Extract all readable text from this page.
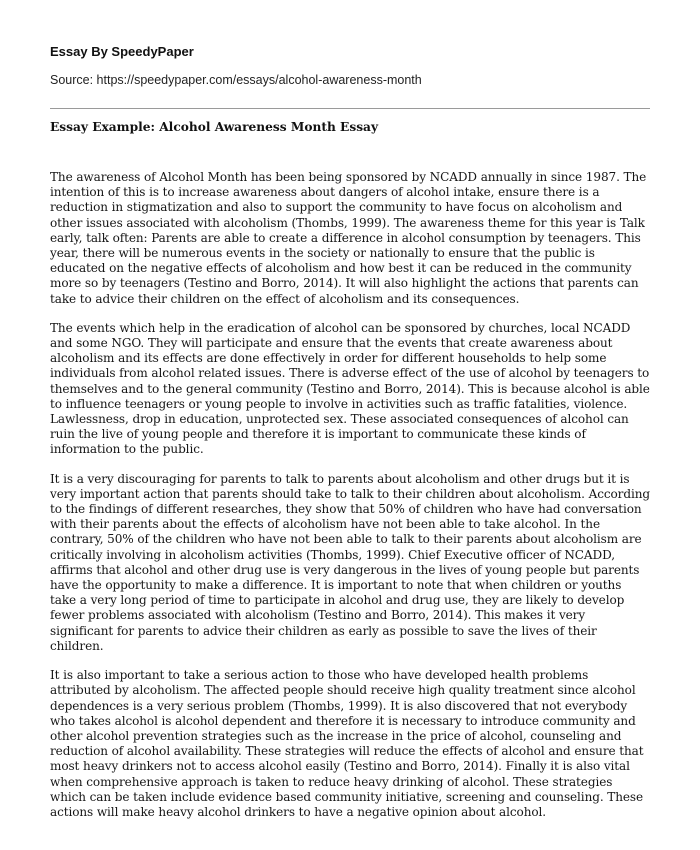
Essay By SpeedyPaper
Source: https://speedypaper.com/essays/alcohol-awareness-month
Essay Example: Alcohol Awareness Month Essay

The awareness of Alcohol Month has been being sponsored by NCADD annually in since 1987. The intention of this is to increase awareness about dangers of alcohol intake, ensure there is a reduction in stigmatization and also to support the community to have focus on alcoholism and other issues associated with alcoholism (Thombs, 1999). The awareness theme for this year is Talk early, talk often: Parents are able to create a difference in alcohol consumption by teenagers. This year, there will be numerous events in the society or nationally to ensure that the public is educated on the negative effects of alcoholism and how best it can be reduced in the community more so by teenagers (Testino and Borro, 2014). It will also highlight the actions that parents can take to advice their children on the effect of alcoholism and its consequences.

The events which help in the eradication of alcohol can be sponsored by churches, local NCADD and some NGO. They will participate and ensure that the events that create awareness about alcoholism and its effects are done effectively in order for different households to help some individuals from alcohol related issues. There is adverse effect of the use of alcohol by teenagers to themselves and to the general community (Testino and Borro, 2014). This is because alcohol is able to influence teenagers or young people to involve in activities such as traffic fatalities, violence. Lawlessness, drop in education, unprotected sex. These associated consequences of alcohol can ruin the live of young people and therefore it is important to communicate these kinds of information to the public.

It is a very discouraging for parents to talk to parents about alcoholism and other drugs but it is very important action that parents should take to talk to their children about alcoholism. According to the findings of different researches, they show that 50% of children who have had conversation with their parents about the effects of alcoholism have not been able to take alcohol. In the contrary, 50% of the children who have not been able to talk to their parents about alcoholism are critically involving in alcoholism activities (Thombs, 1999). Chief Executive officer of NCADD, affirms that alcohol and other drug use is very dangerous in the lives of young people but parents have the opportunity to make a difference. It is important to note that when children or youths take a very long period of time to participate in alcohol and drug use, they are likely to develop fewer problems associated with alcoholism (Testino and Borro, 2014). This makes it very significant for parents to advice their children as early as possible to save the lives of their children.

It is also important to take a serious action to those who have developed health problems attributed by alcoholism. The affected people should receive high quality treatment since alcohol dependences is a very serious problem (Thombs, 1999). It is also discovered that not everybody who takes alcohol is alcohol dependent and therefore it is necessary to introduce community and other alcohol prevention strategies such as the increase in the price of alcohol, counseling and reduction of alcohol availability. These strategies will reduce the effects of alcohol and ensure that most heavy drinkers not to access alcohol easily (Testino and Borro, 2014). Finally it is also vital when comprehensive approach is taken to reduce heavy drinking of alcohol. These strategies which can be taken include evidence based community initiative, screening and counseling. These actions will make heavy alcohol drinkers to have a negative opinion about alcohol.
